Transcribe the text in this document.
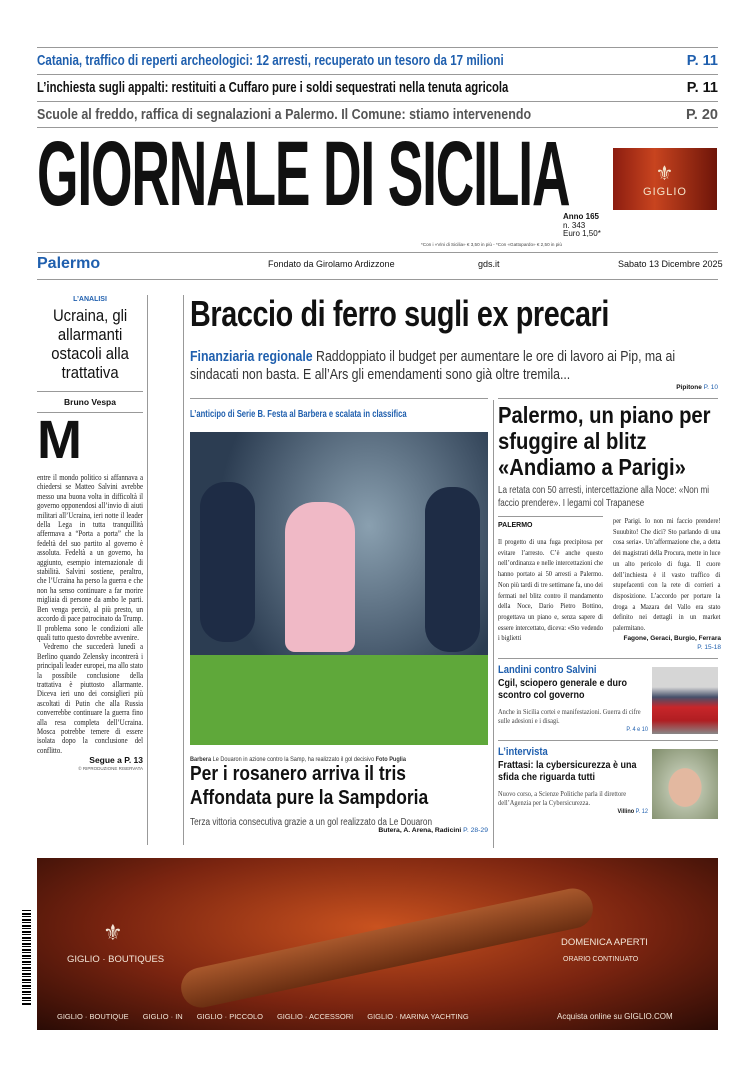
Catania, traffico di reperti archeologici: 12 arresti, recuperato un tesoro da 17 milioni	P. 11
L’inchiesta sugli appalti: restituiti a Cuffaro pure i soldi sequestrati nella tenuta agricola	P. 11
Scuole al freddo, raffica di segnalazioni a Palermo. Il Comune: stiamo intervenendo	P. 20
GIORNALE DI SICILIA	⚜
GIGLIO
Anno 165
n. 343
Euro 1,50*
*Con i «Vini di Sicilia» € 3,50 in più - *Con «Gattopardo» € 2,50 in più
Palermo	Fondato da Girolamo Ardizzone	gds.it	Sabato 13 Dicembre 2025
L’ANALISI
Ucraina, gli allarmanti ostacoli alla trattativa
Bruno Vespa
M
entre il mondo politico si affannava a chiedersi se Matteo Salvini avrebbe messo una buona volta in difficoltà il governo opponendosi all’invio di aiuti militari all’Ucraina, ieri notte il leader della Lega in tutta tranquillità affermava a “Porta a porta” che la fedeltà del suo partito al governo è assoluta. Fedeltà a un governo, ha aggiunto, esempio internazionale di stabilità. Salvini sostiene, peraltro, che l’Ucraina ha perso la guerra e che non ha senso continuare a far morire migliaia di persone da ambo le parti. Ben venga perciò, al più presto, un accordo di pace patrocinato da Trump. Il problema sono le condizioni alle quali tutto questo dovrebbe avvenire.
Vedremo che succederà lunedì a Berlino quando Zelensky incontrerà i principali leader europei, ma allo stato la possibile conclusione della trattativa è piuttosto allarmante. Diceva ieri uno dei consiglieri più ascoltati di Putin che alla Russia converrebbe continuare la guerra fino alla resa completa dell’Ucraina. Mosca potrebbe temere di essere isolata dopo la conclusione del conflitto.
Segue a P. 13
© RIPRODUZIONE RISERVATA
Braccio di ferro sugli ex precari
Finanziaria regionale Raddoppiato il budget per aumentare le ore di lavoro ai Pip, ma ai sindacati non basta. E all’Ars gli emendamenti sono già oltre tremila...
Pipitone P. 10
L’anticipo di Serie B. Festa al Barbera e scalata in classifica
Barbera Le Douaron in azione contro la Samp, ha realizzato il gol decisivo Foto Puglia
Per i rosanero arriva il tris Affondata pure la Sampdoria
Terza vittoria consecutiva grazie a un gol realizzato da Le Douaron
Butera, A. Arena, Radicini P. 28-29
Palermo, un piano per sfuggire al blitz «Andiamo a Parigi»
La retata con 50 arresti, intercettazione alla Noce: «Non mi faccio prendere». I legami col Trapanese
PALERMO
Il progetto di una fuga precipitosa per evitare l’arresto. C’è anche questo nell’ordinanza e nelle intercettazioni che hanno portato ai 50 arresti a Palermo. Non più tardi di tre settimane fa, uno dei fermati nel blitz contro il mandamento della Noce, Dario Pietro Bottino, progettava un piano e, senza sapere di essere intercettato, diceva: «Sto vedendo i biglietti
per Parigi. Io non mi faccio prendere! Suuubito! Che dici? Sto parlando di una cosa seria». Un’affermazione che, a detta dei magistrati della Procura, mette in luce un alto pericolo di fuga. Il cuore dell’inchiesta è il vasto traffico di stupefacenti con la rete di corrieri a disposizione. L’accordo per portare la droga a Mazara del Vallo era stato definito nei dettagli in un market palermitano.
Fagone, Geraci, Burgio, Ferrara
P. 15-18
Landini contro Salvini
Cgil, sciopero generale e duro scontro col governo
Anche in Sicilia cortei e manifestazioni. Guerra di cifre sulle adesioni e i disagi.
P. 4 e 10
L’intervista
Frattasi: la cybersicurezza è una sfida che riguarda tutti
Nuovo corso, a Scienze Politiche parla il direttore dell’Agenzia per la Cybersicurezza.
Villino P. 12
⚜
GIGLIO · BOUTIQUES
DOMENICA APERTI
ORARIO CONTINUATO
GIGLIO · BOUTIQUE GIGLIO · IN GIGLIO · PICCOLO GIGLIO · ACCESSORI GIGLIO · MARINA YACHTING	Acquista online su GIGLIO.COM
